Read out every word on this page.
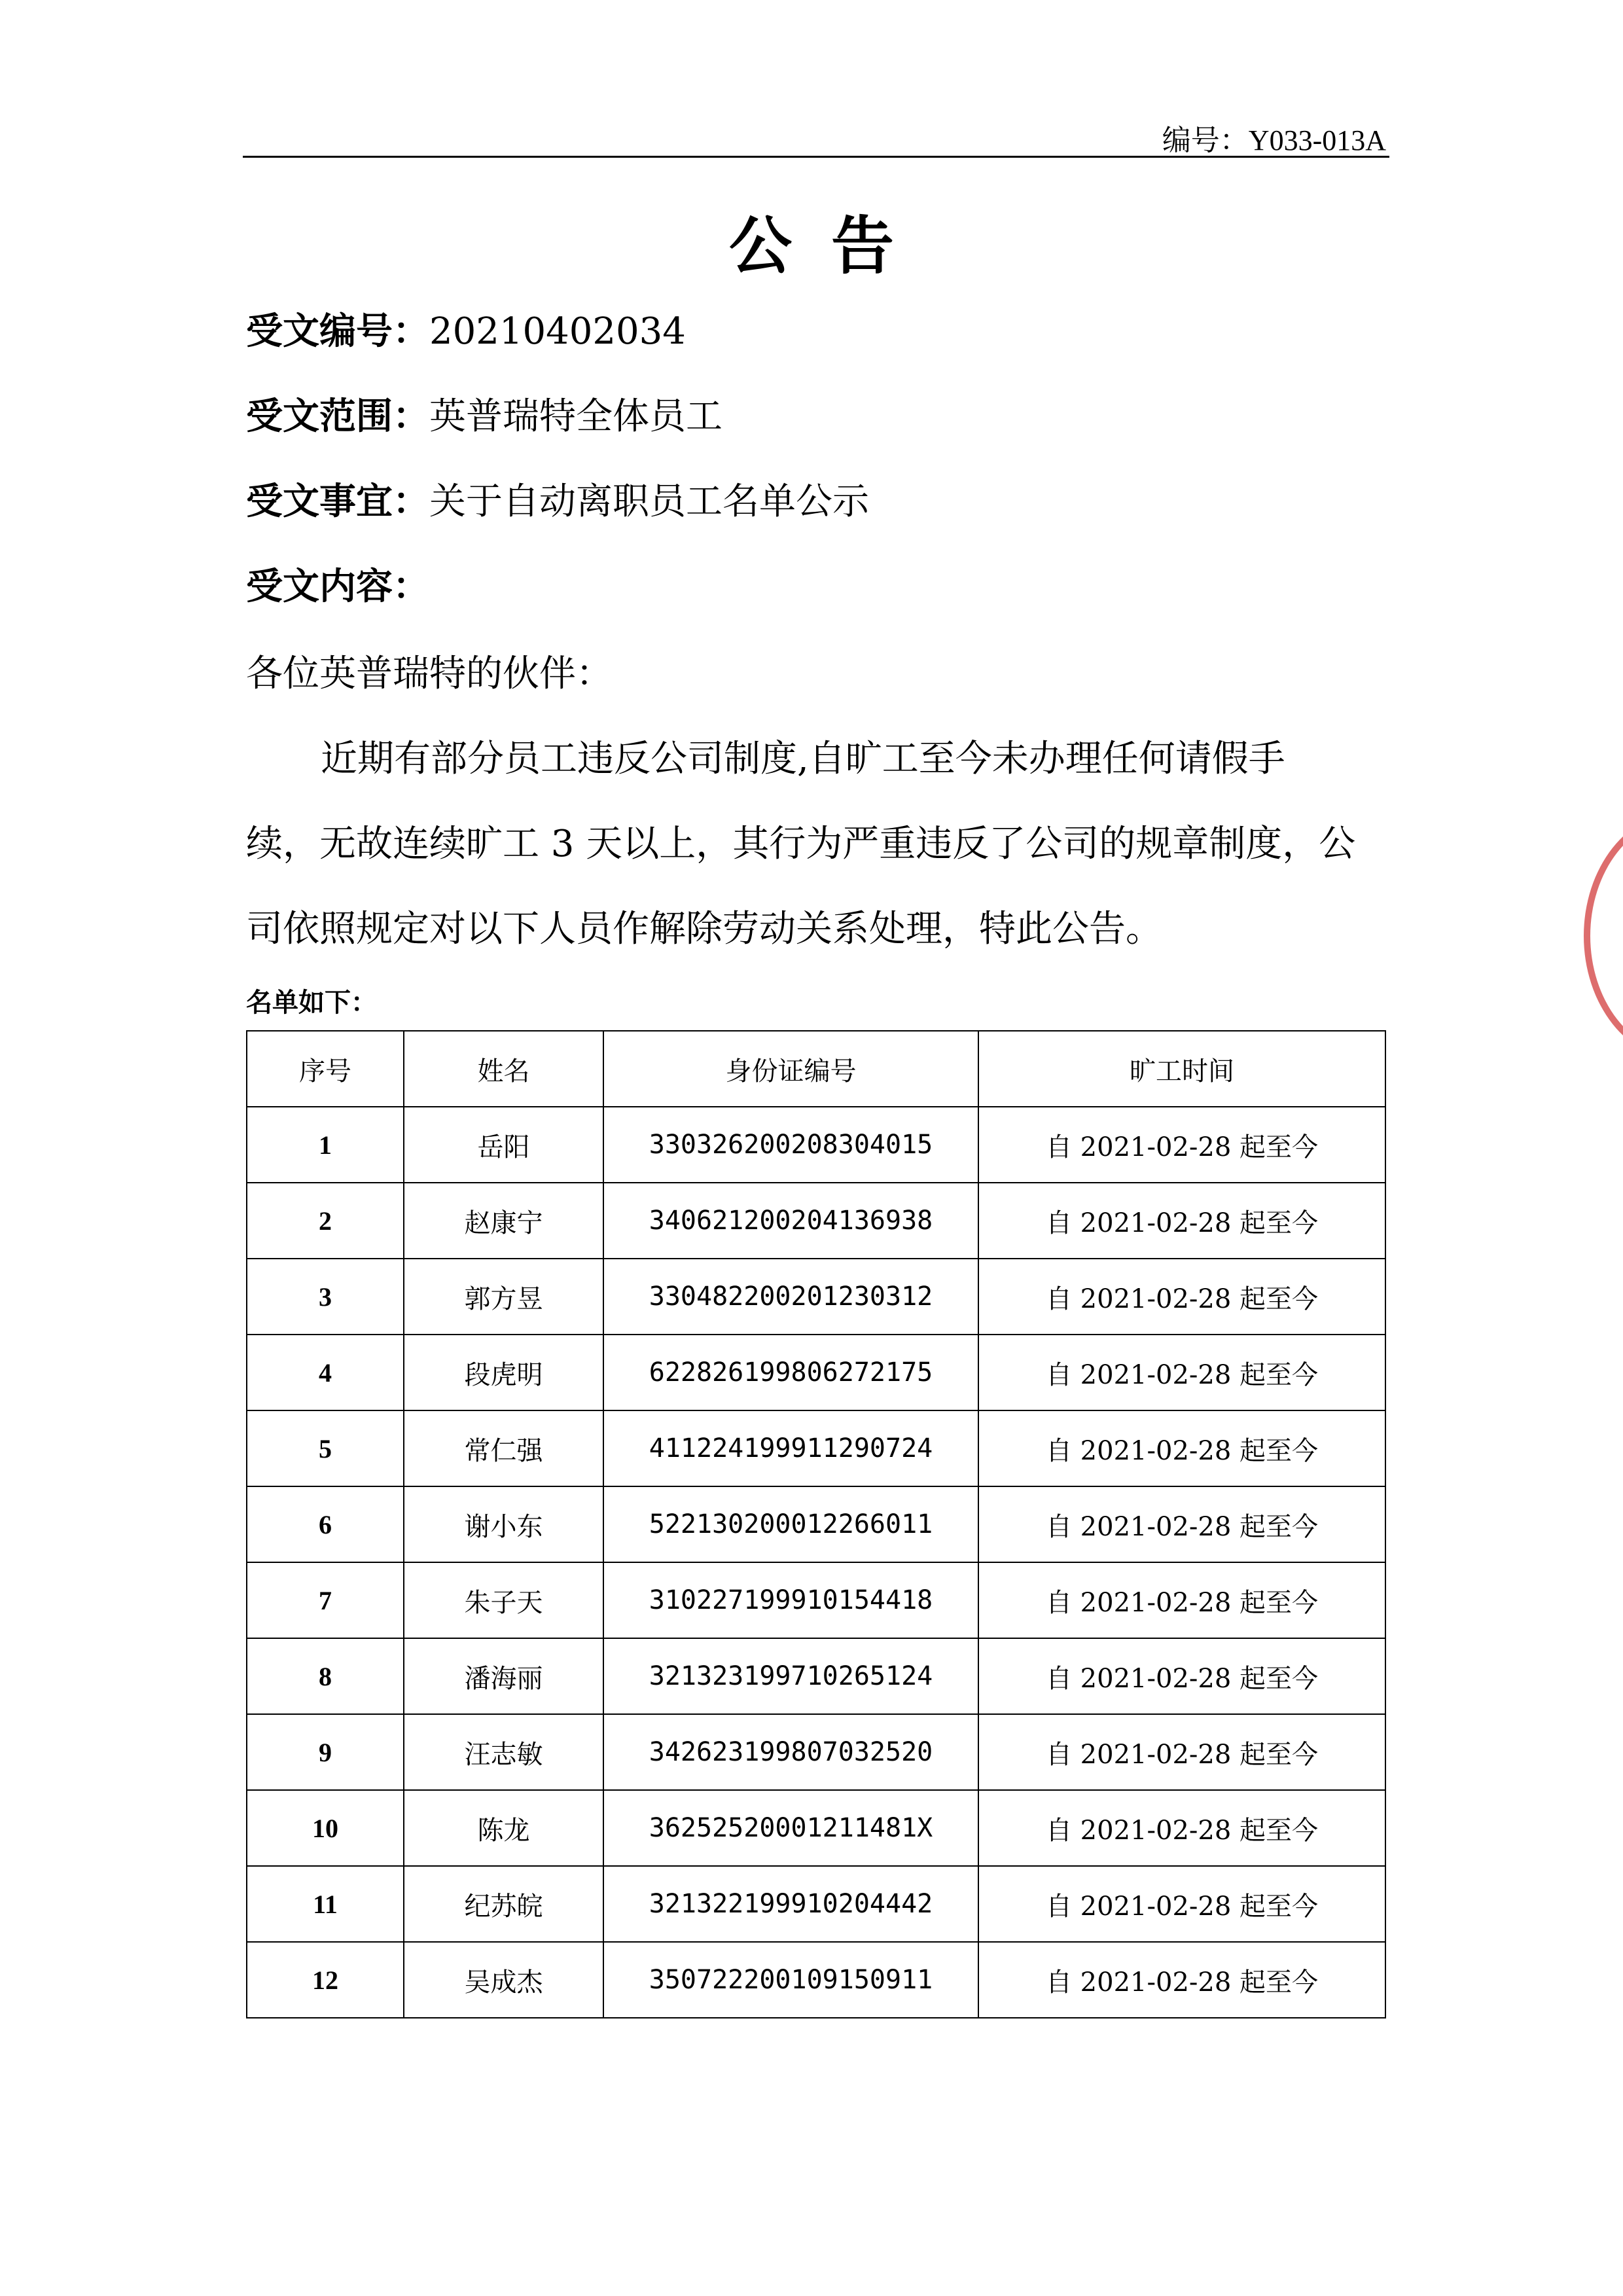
编号：Y033-013A
公告
受文编号：20210402034
受文范围：英普瑞特全体员工
受文事宜：关于自动离职员工名单公示
受文内容：
各位英普瑞特的伙伴：
近期有部分员工违反公司制度,自旷工至今未办理任何请假手
续，无故连续旷工 3 天以上，其行为严重违反了公司的规章制度，公
司依照规定对以下人员作解除劳动关系处理，特此公告。
名单如下：
序号	姓名	身份证编号	旷工时间
1	岳阳	330326200208304015	自 2021-02-28 起至今
2	赵康宁	340621200204136938	自 2021-02-28 起至今
3	郭方昱	330482200201230312	自 2021-02-28 起至今
4	段虎明	622826199806272175	自 2021-02-28 起至今
5	常仁强	411224199911290724	自 2021-02-28 起至今
6	谢小东	522130200012266011	自 2021-02-28 起至今
7	朱子天	310227199910154418	自 2021-02-28 起至今
8	潘海丽	321323199710265124	自 2021-02-28 起至今
9	汪志敏	342623199807032520	自 2021-02-28 起至今
10	陈龙	36252520001211481X	自 2021-02-28 起至今
11	纪苏皖	321322199910204442	自 2021-02-28 起至今
12	吴成杰	350722200109150911	自 2021-02-28 起至今
